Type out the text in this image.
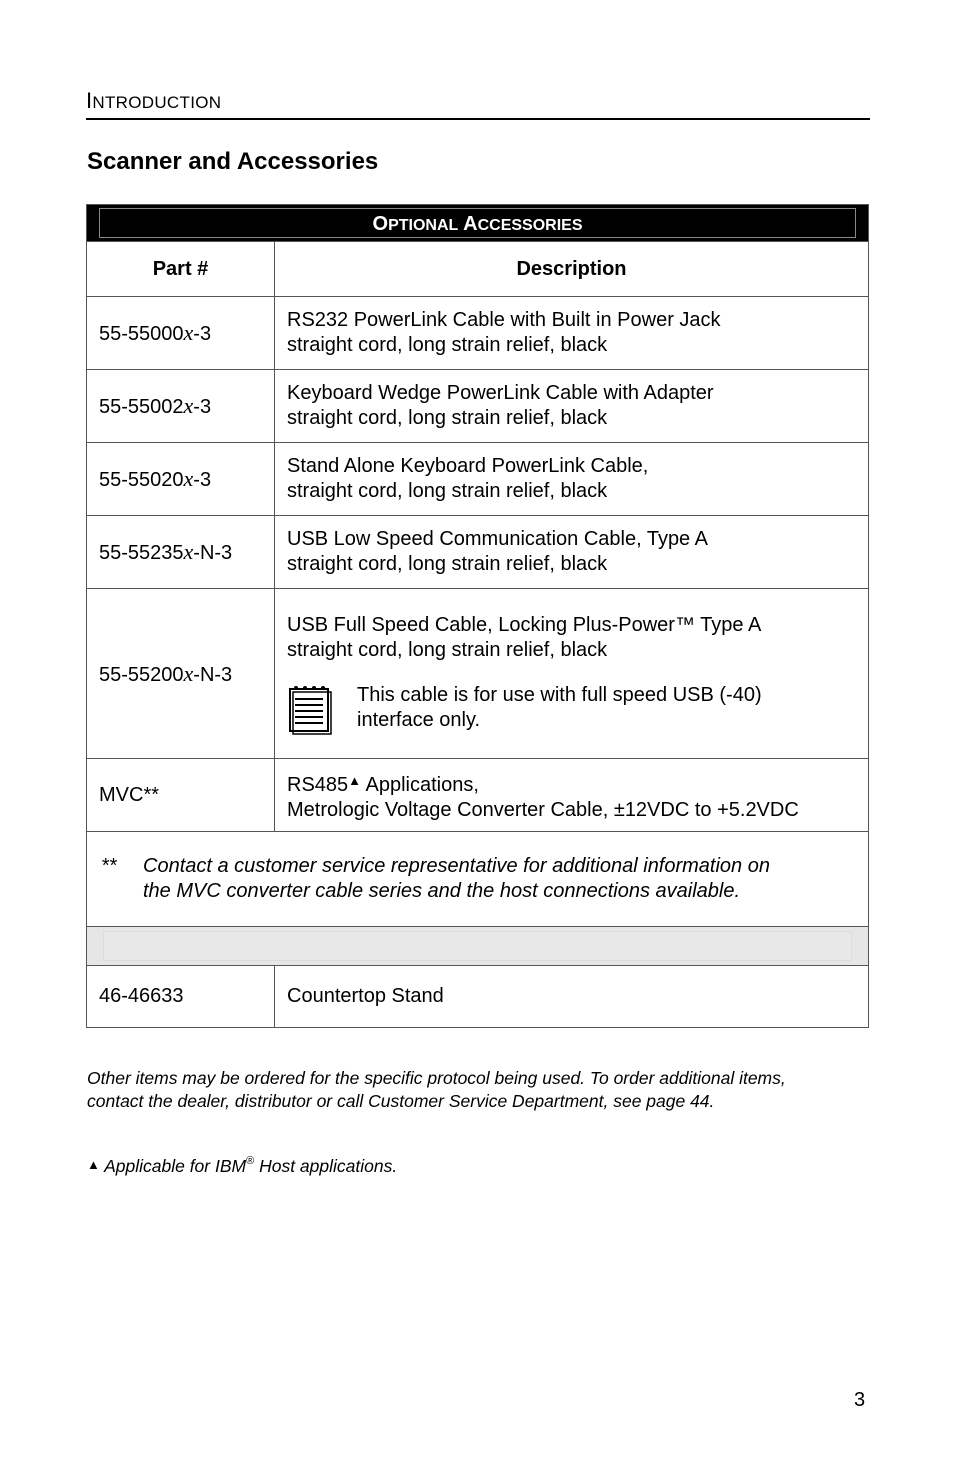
INTRODUCTION
Scanner and Accessories
OPTIONAL ACCESSORIES	

Part #	Description
55-55000x-3	RS232 PowerLink Cable with Built in Power Jack
straight cord, long strain relief, black

55-55002x-3	Keyboard Wedge PowerLink Cable with Adapter
straight cord, long strain relief, black

55-55020x-3	Stand Alone Keyboard PowerLink Cable,
straight cord, long strain relief, black

55-55235x-N-3	USB Low Speed Communication Cable, Type A
straight cord, long strain relief, black

55-55200x-N-3	USB Full Speed Cable, Locking Plus-Power™ Type A
straight cord, long strain relief, black
This cable is for use with full speed USB (-40)
interface only.

MVC**	RS485▲ Applications,
Metrologic Voltage Converter Cable, ±12VDC to +5.2VDC

** Contact a customer service representative for additional information on
the MVC converter cable series and the host connections available.	

46-46633	Countertop Stand
Other items may be ordered for the specific protocol being used. To order additional items,
contact the dealer, distributor or call Customer Service Department, see page 44.
▲ Applicable for IBM® Host applications.
3
